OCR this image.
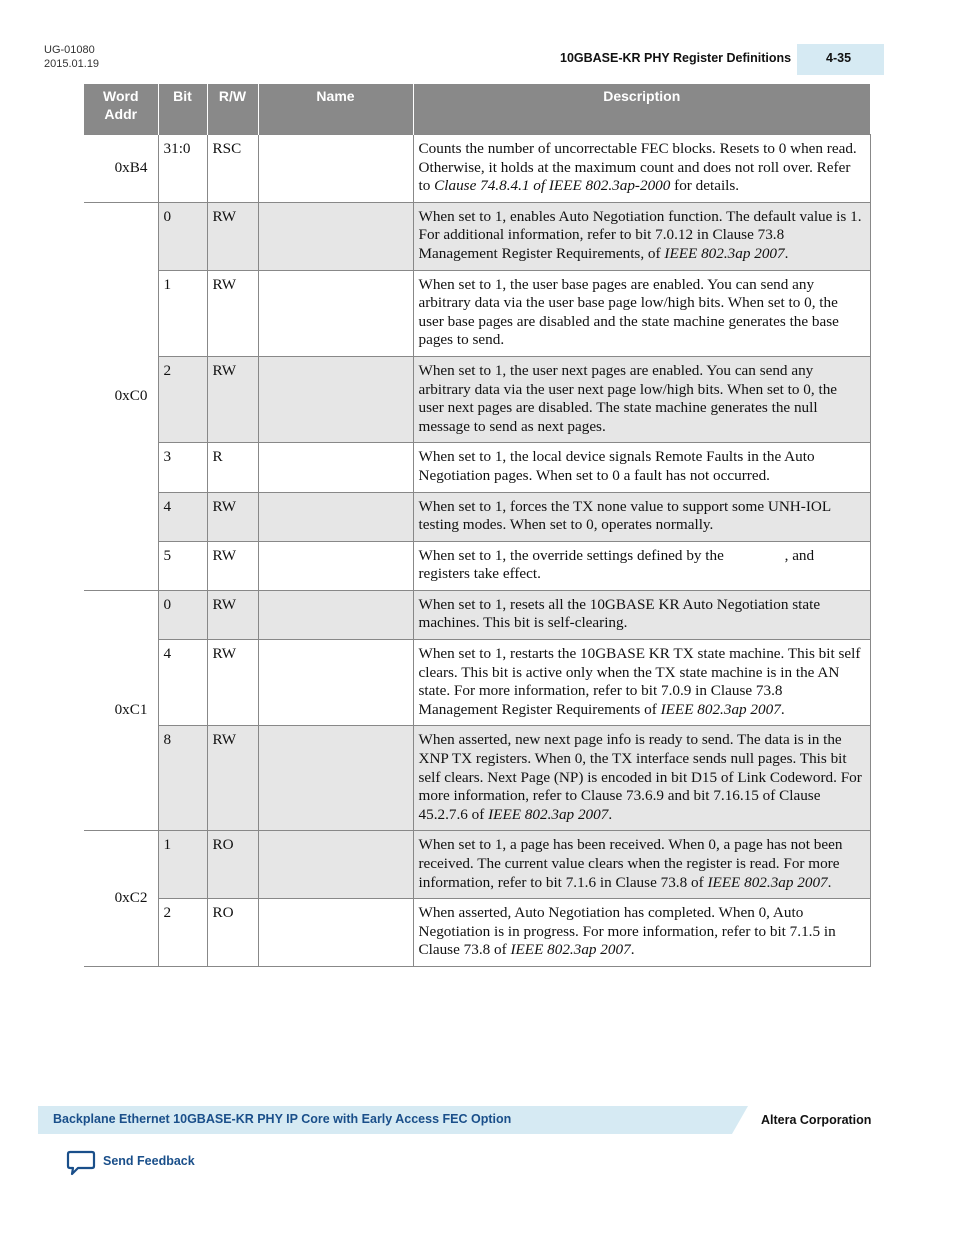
UG-01080
2015.01.19	10GBASE-KR PHY Register Definitions	4-35
Word Addr	Bit	R/W	Name	Description
0xB4	31:0	RSC		Counts the number of uncorrectable FEC blocks. Resets to 0 when read. Otherwise, it holds at the maximum count and does not roll over. Refer to Clause 74.8.4.1 of IEEE 802.3ap-2000 for details.
0xC0	0	RW		When set to 1, enables Auto Negotiation function. The default value is 1. For additional information, refer to bit 7.0.12 in Clause 73.8 Management Register Requirements, of IEEE 802.3ap 2007.
	1	RW		When set to 1, the user base pages are enabled. You can send any arbitrary data via the user base page low/high bits. When set to 0, the user base pages are disabled and the state machine generates the base pages to send.
	2	RW		When set to 1, the user next pages are enabled. You can send any arbitrary data via the user next page low/high bits. When set to 0, the user next pages are disabled. The state machine generates the null message to send as next pages.
	3	R		When set to 1, the local device signals Remote Faults in the Auto Negotiation pages. When set to 0 a fault has not occurred.
	4	RW		When set to 1, forces the TX none value to support some UNH-IOL testing modes. When set to 0, operates normally.
	5	RW		When set to 1, the override settings defined by the                , and                   registers take effect.
0xC1	0	RW		When set to 1, resets all the 10GBASE KR Auto Negotiation state machines. This bit is self-clearing.
	4	RW		When set to 1, restarts the 10GBASE KR TX state machine. This bit self clears. This bit is active only when the TX state machine is in the AN state. For more information, refer to bit 7.0.9 in Clause 73.8 Management Register Requirements of IEEE 802.3ap 2007.
	8	RW		When asserted, new next page info is ready to send. The data is in the XNP TX registers. When 0, the TX interface sends null pages. This bit self clears. Next Page (NP) is encoded in bit D15 of Link Codeword. For more information, refer to Clause 73.6.9 and bit 7.16.15 of Clause 45.2.7.6 of IEEE 802.3ap 2007.
0xC2	1	RO		When set to 1, a page has been received. When 0, a page has not been received. The current value clears when the register is read. For more information, refer to bit 7.1.6 in Clause 73.8 of IEEE 802.3ap 2007.
	2	RO		When asserted, Auto Negotiation has completed. When 0, Auto Negotiation is in progress. For more information, refer to bit 7.1.5 in Clause 73.8 of IEEE 802.3ap 2007.
Backplane Ethernet 10GBASE-KR PHY IP Core with Early Access FEC Option	Altera Corporation
Send Feedback
